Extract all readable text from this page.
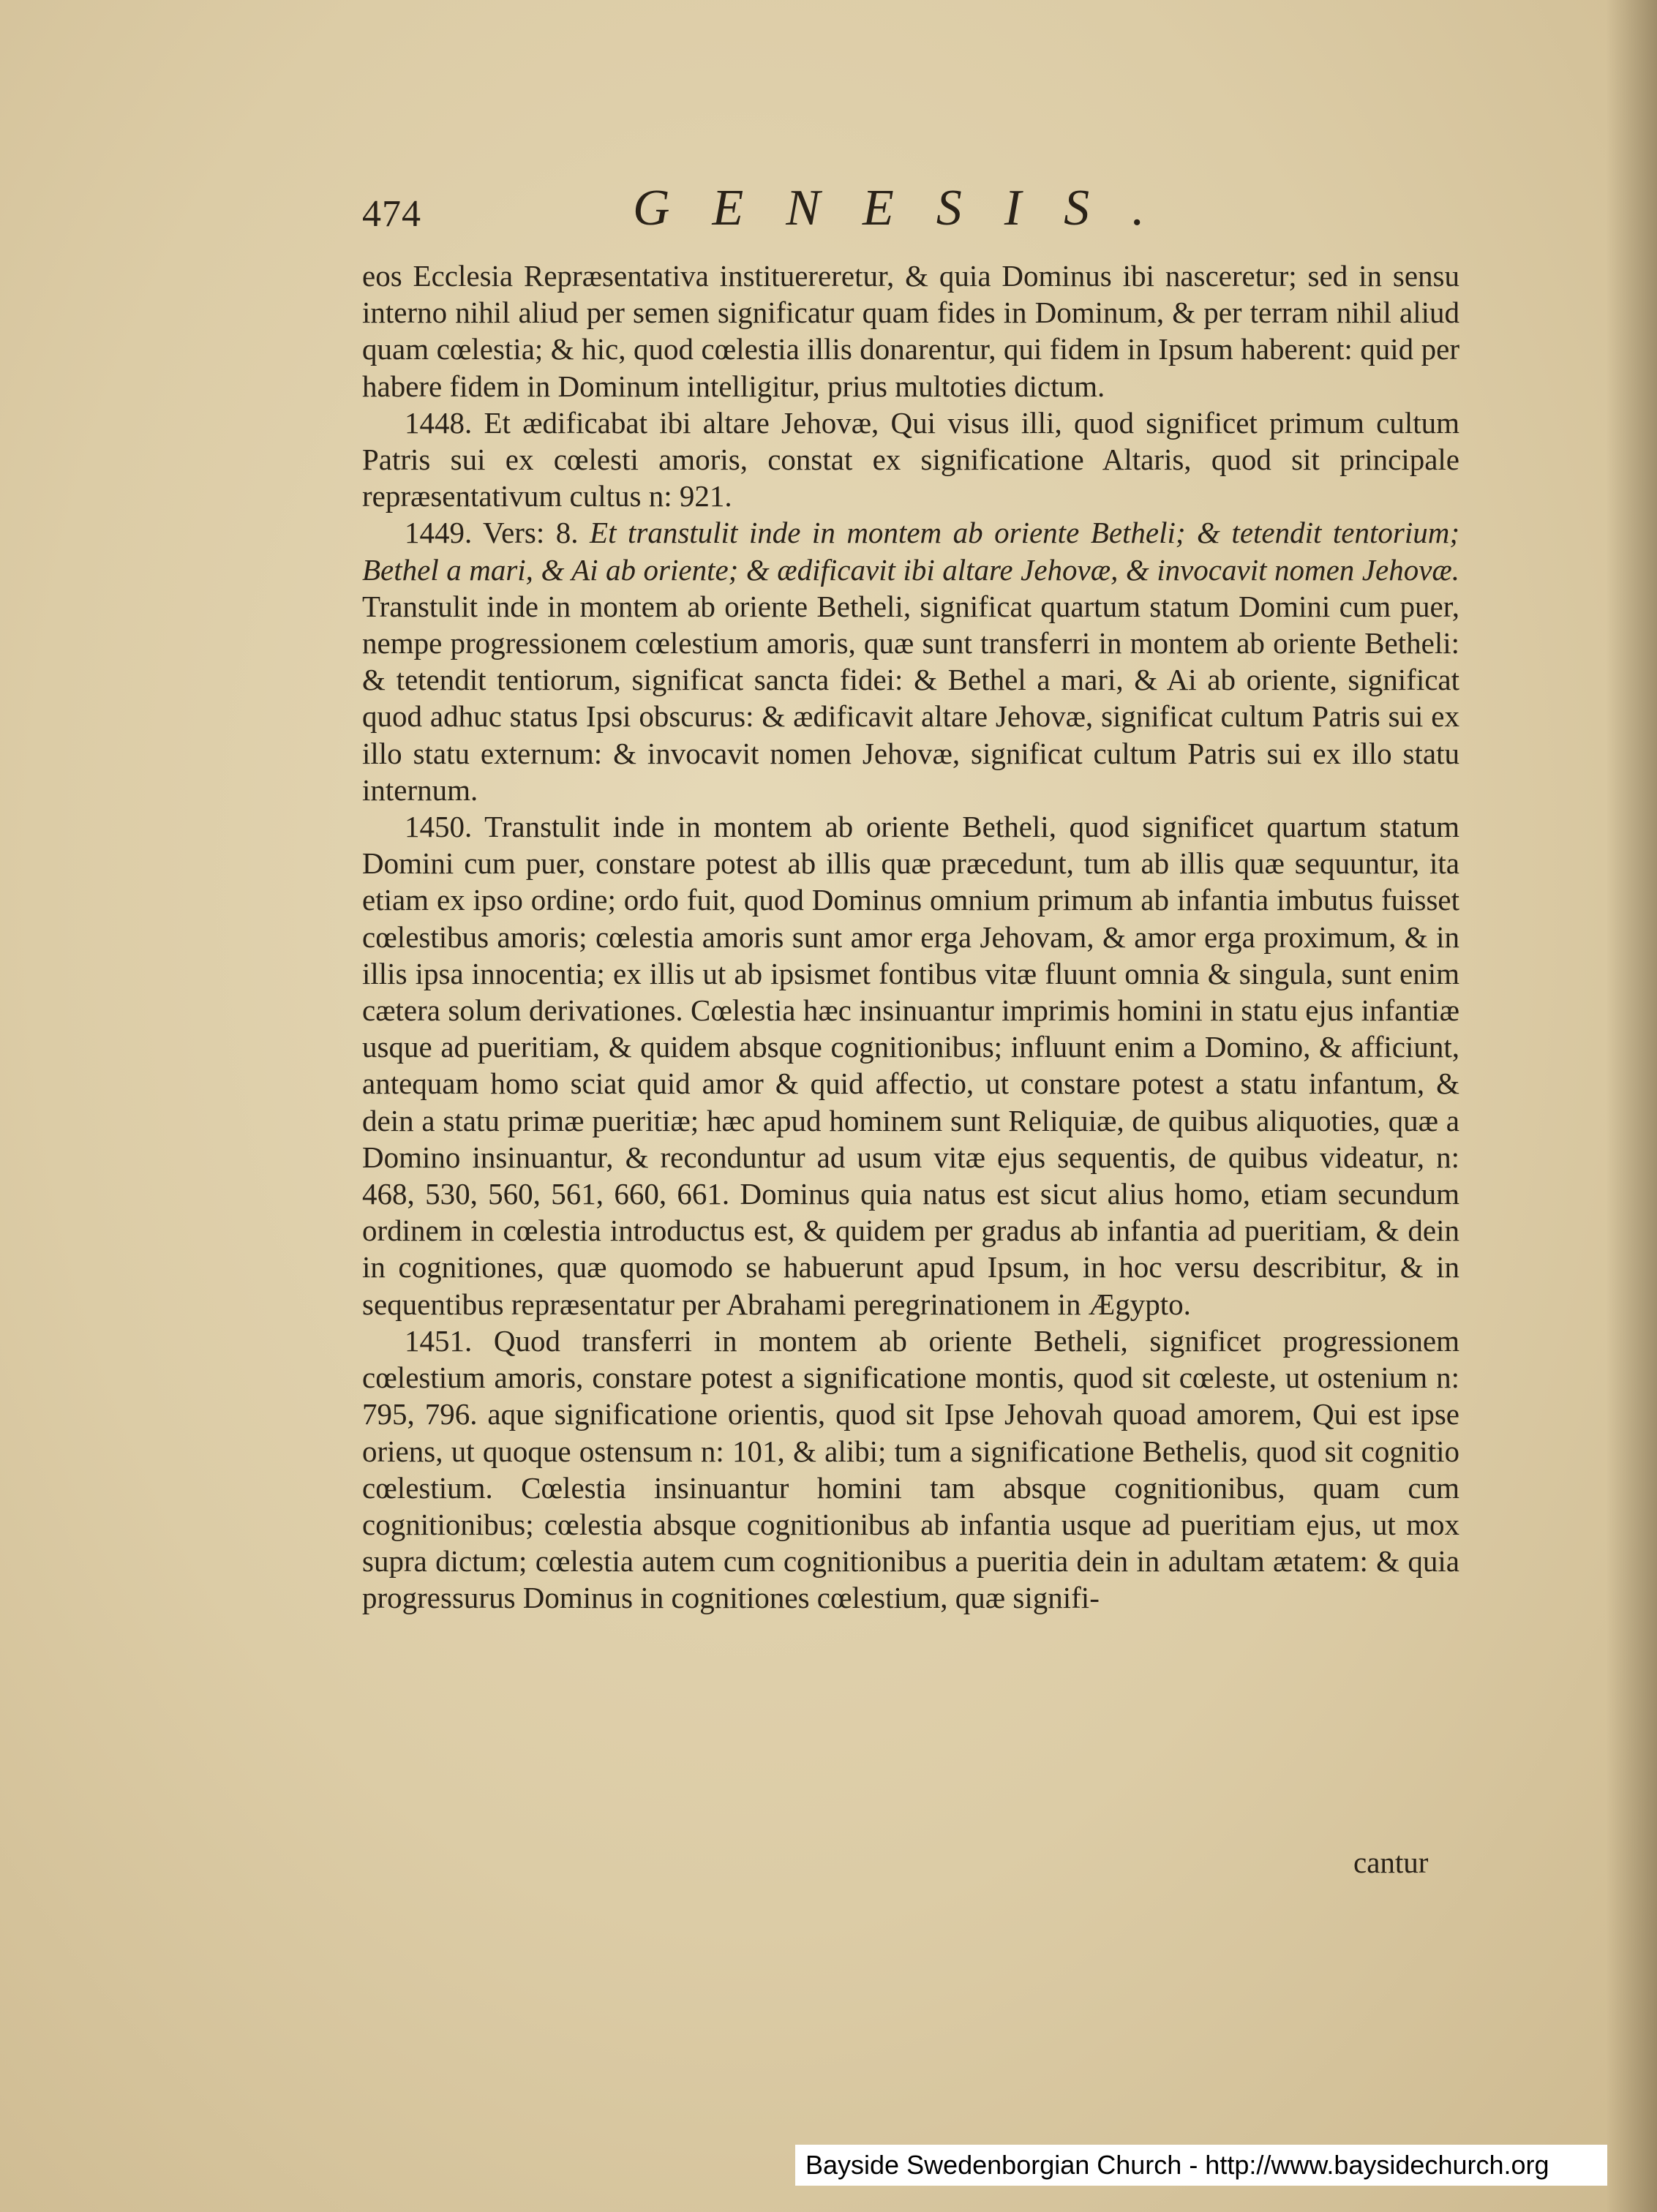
474	GENESIS.

eos Ecclesia Repræsentativa instituereretur, & quia Dominus ibi nasceretur; sed in sensu interno nihil aliud per semen significatur quam fides in Dominum, & per terram nihil aliud quam cœlestia; & hic, quod cœlestia illis donarentur, qui fidem in Ipsum haberent: quid per habere fidem in Dominum intelligitur, prius multoties dictum.

1448. Et ædificabat ibi altare Jehovæ, Qui visus illi, quod significet primum cultum Patris sui ex cœlesti amoris, constat ex significatione Altaris, quod sit principale repræsentativum cultus n: 921.

1449. Vers: 8. Et transtulit inde in montem ab oriente Betheli; & tetendit tentorium; Bethel a mari, & Ai ab oriente; & ædificavit ibi altare Jehovæ, & invocavit nomen Jehovæ. Transtulit inde in montem ab oriente Betheli, significat quartum statum Domini cum puer, nempe progressionem cœlestium amoris, quæ sunt transferri in montem ab oriente Betheli: & tetendit tentiorum, significat sancta fidei: & Bethel a mari, & Ai ab oriente, significat quod adhuc status Ipsi obscurus: & ædificavit altare Jehovæ, significat cultum Patris sui ex illo statu externum: & invocavit nomen Jehovæ, significat cultum Patris sui ex illo statu internum.

1450. Transtulit inde in montem ab oriente Betheli, quod significet quartum statum Domini cum puer, constare potest ab illis quæ præcedunt, tum ab illis quæ sequuntur, ita etiam ex ipso ordine; ordo fuit, quod Dominus omnium primum ab infantia imbutus fuisset cœlestibus amoris; cœlestia amoris sunt amor erga Jehovam, & amor erga proximum, & in illis ipsa innocentia; ex illis ut ab ipsismet fontibus vitæ fluunt omnia & singula, sunt enim cætera solum derivationes. Cœlestia hæc insinuantur imprimis homini in statu ejus infantiæ usque ad pueritiam, & quidem absque cognitionibus; influunt enim a Domino, & afficiunt, antequam homo sciat quid amor & quid affectio, ut constare potest a statu infantum, & dein a statu primæ pueritiæ; hæc apud hominem sunt Reliquiæ, de quibus aliquoties, quæ a Domino insinuantur, & reconduntur ad usum vitæ ejus sequentis, de quibus videatur, n: 468, 530, 560, 561, 660, 661. Dominus quia natus est sicut alius homo, etiam secundum ordinem in cœlestia introductus est, & quidem per gradus ab infantia ad pueritiam, & dein in cognitiones, quæ quomodo se habuerunt apud Ipsum, in hoc versu describitur, & in sequentibus repræsentatur per Abrahami peregrinationem in Ægypto.

1451. Quod transferri in montem ab oriente Betheli, significet progressionem cœlestium amoris, constare potest a significatione montis, quod sit cœleste, ut ostenium n: 795, 796. aque significatione orientis, quod sit Ipse Jehovah quoad amorem, Qui est ipse oriens, ut quoque ostensum n: 101, & alibi; tum a significatione Bethelis, quod sit cognitio cœlestium. Cœlestia insinuantur homini tam absque cognitionibus, quam cum cognitionibus; cœlestia absque cognitionibus ab infantia usque ad pueritiam ejus, ut mox supra dictum; cœlestia autem cum cognitionibus a pueritia dein in adultam ætatem: & quia progressurus Dominus in cognitiones cœlestium, quæ signifi-

cantur
Bayside Swedenborgian Church - http://www.baysidechurch.org
